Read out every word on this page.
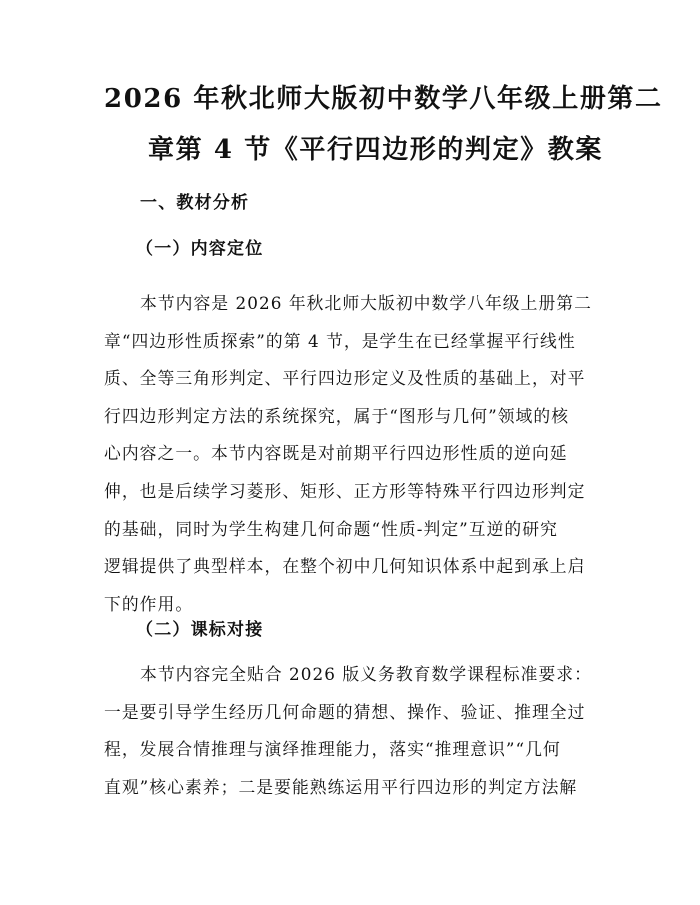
2026 年秋北师大版初中数学八年级上册第二
章第 4 节《平行四边形的判定》教案
一、教材分析
（一）内容定位
本节内容是 2026 年秋北师大版初中数学八年级上册第二
章“四边形性质探索”的第 4 节，是学生在已经掌握平行线性
质、全等三角形判定、平行四边形定义及性质的基础上，对平
行四边形判定方法的系统探究，属于“图形与几何”领域的核
心内容之一。本节内容既是对前期平行四边形性质的逆向延
伸，也是后续学习菱形、矩形、正方形等特殊平行四边形判定
的基础，同时为学生构建几何命题“性质-判定”互逆的研究
逻辑提供了典型样本，在整个初中几何知识体系中起到承上启
下的作用。
（二）课标对接
本节内容完全贴合 2026 版义务教育数学课程标准要求：
一是要引导学生经历几何命题的猜想、操作、验证、推理全过
程，发展合情推理与演绎推理能力，落实“推理意识”“几何
直观”核心素养；二是要能熟练运用平行四边形的判定方法解
